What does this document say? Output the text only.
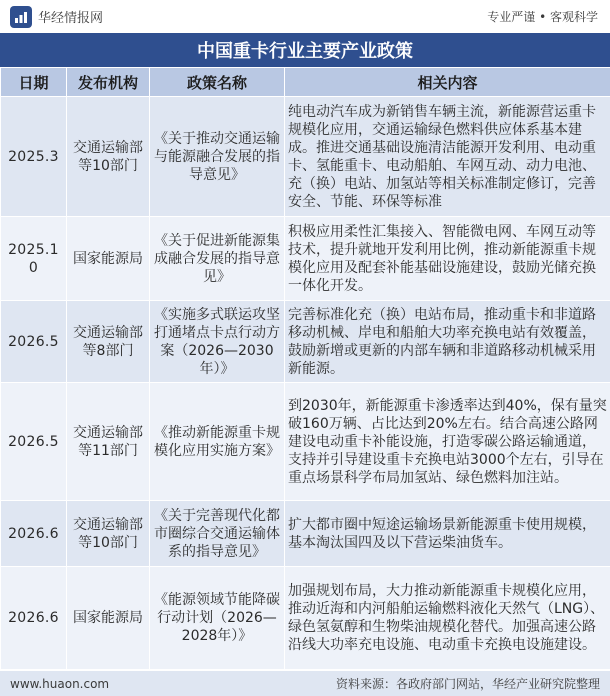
华经情报网	专业严谨 • 客观科学
中国重卡行业主要产业政策
日期	发布机构	政策名称	相关内容
2025.3	交通运输部等10部门	《关于推动交通运输与能源融合发展的指导意见》	纯电动汽车成为新销售车辆主流，新能源营运重卡规模化应用，交通运输绿色燃料供应体系基本建成。推进交通基础设施清洁能源开发利用、电动重卡、氢能重卡、电动船舶、车网互动、动力电池、充（换）电站、加氢站等相关标准制定修订，完善安全、节能、环保等标准
2025.10	国家能源局	《关于促进新能源集成融合发展的指导意见》	积极应用柔性汇集接入、智能微电网、车网互动等技术，提升就地开发利用比例，推动新能源重卡规模化应用及配套补能基础设施建设，鼓励光储充换一体化开发。
2026.5	交通运输部等8部门	《实施多式联运攻坚 打通堵点卡点行动方案（2026—2030年）》	完善标准化充（换）电站布局，推动重卡和非道路移动机械、岸电和船舶大功率充换电站有效覆盖，鼓励新增或更新的内部车辆和非道路移动机械采用新能源。
2026.5	交通运输部等11部门	《推动新能源重卡规模化应用实施方案》	到2030年，新能源重卡渗透率达到40%，保有量突破160万辆、占比达到20%左右。结合高速公路网建设电动重卡补能设施，打造零碳公路运输通道，支持并引导建设重卡充换电站3000个左右，引导在重点场景科学布局加氢站、绿色燃料加注站。
2026.6	交通运输部等10部门	《关于完善现代化都市圈综合交通运输体系的指导意见》	扩大都市圈中短途运输场景新能源重卡使用规模，基本淘汰国四及以下营运柴油货车。
2026.6	国家能源局	《能源领域节能降碳行动计划（2026—2028年）》	加强规划布局，大力推动新能源重卡规模化应用，推动近海和内河船舶运输燃料液化天然气（LNG）、绿色氢氨醇和生物柴油规模化替代。加强高速公路沿线大功率充电设施、电动重卡充换电设施建设。
www.huaon.com	资料来源：各政府部门网站，华经产业研究院整理
